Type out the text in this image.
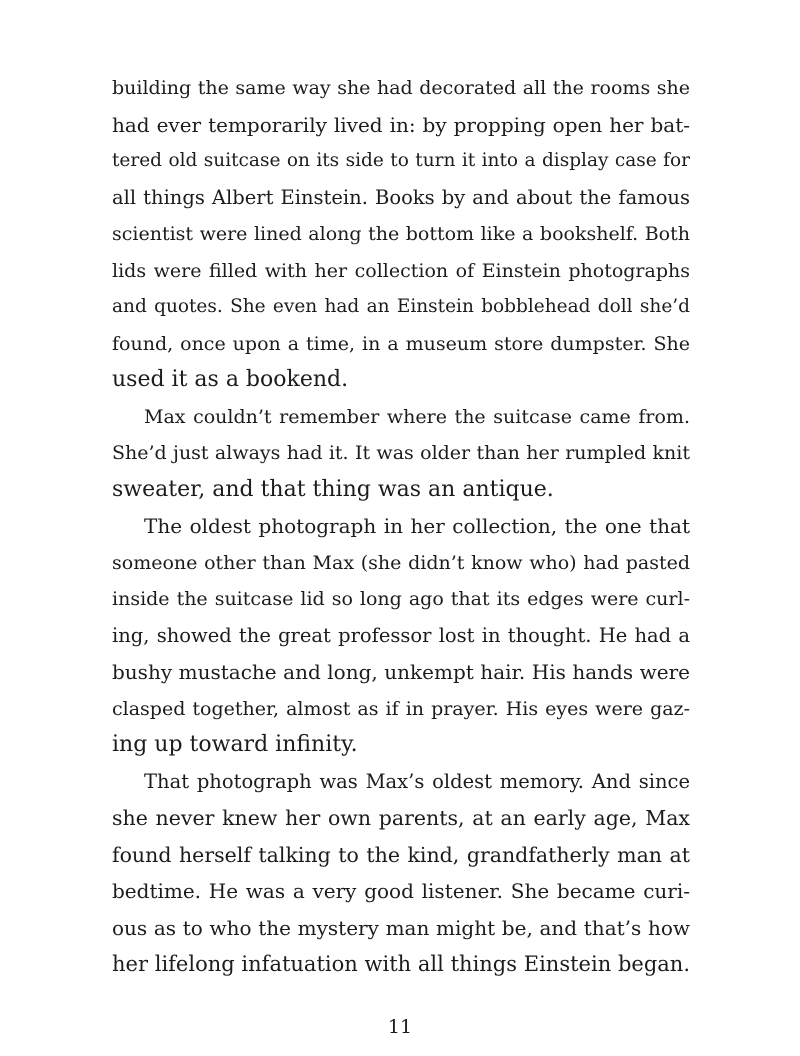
building the same way she had decorated all the rooms she
had ever temporarily lived in: by propping open her bat-
tered old suitcase on its side to turn it into a display case for
all things Albert Einstein. Books by and about the famous
scientist were lined along the bottom like a bookshelf. Both
lids were filled with her collection of Einstein photographs
and quotes. She even had an Einstein bobblehead doll she’d
found, once upon a time, in a museum store dumpster. She
used it as a bookend.
Max couldn’t remember where the suitcase came from.
She’d just always had it. It was older than her rumpled knit
sweater, and that thing was an antique.
The oldest photograph in her collection, the one that
someone other than Max (she didn’t know who) had pasted
inside the suitcase lid so long ago that its edges were curl-
ing, showed the great professor lost in thought. He had a
bushy mustache and long, unkempt hair. His hands were
clasped together, almost as if in prayer. His eyes were gaz-
ing up toward infinity.
That photograph was Max’s oldest memory. And since
she never knew her own parents, at an early age, Max
found herself talking to the kind, grandfatherly man at
bedtime. He was a very good listener. She became curi-
ous as to who the mystery man might be, and that’s how
her lifelong infatuation with all things Einstein began.
11
